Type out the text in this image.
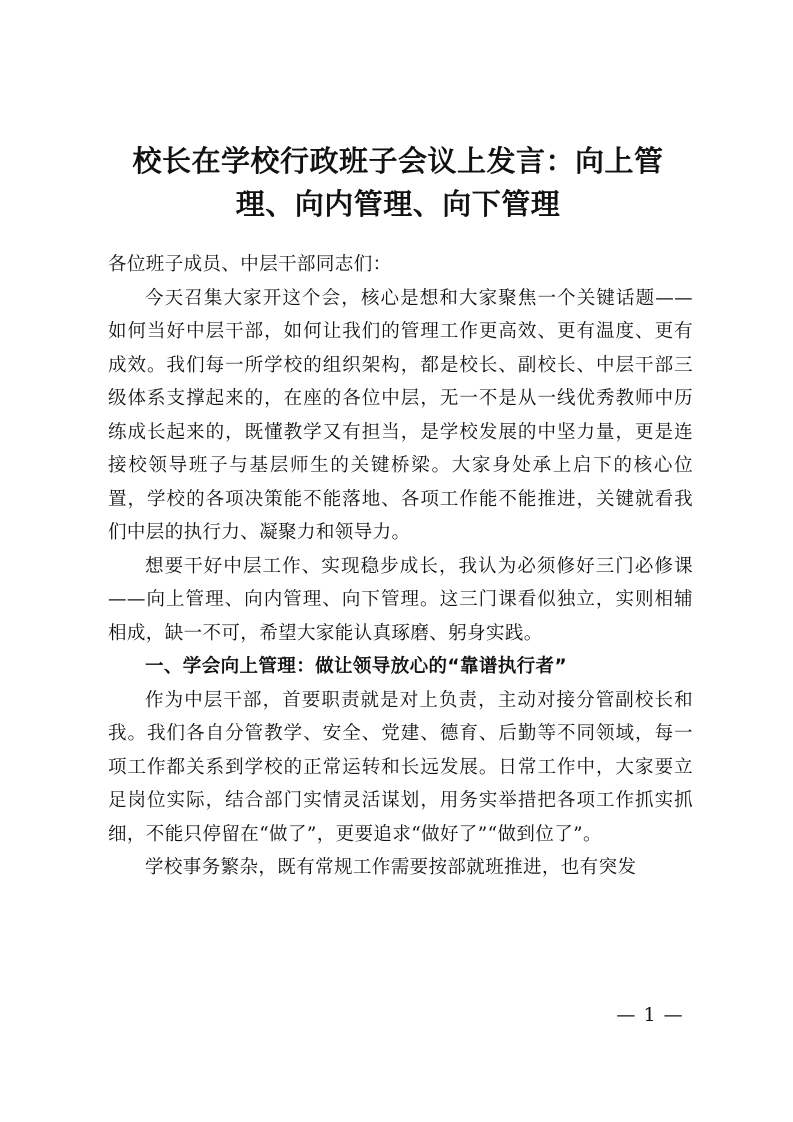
校长在学校行政班子会议上发言：向上管
理、向内管理、向下管理

各位班子成员、中层干部同志们：

今天召集大家开这个会，核心是想和大家聚焦一个关键话题——如何当好中层干部，如何让我们的管理工作更高效、更有温度、更有成效。我们每一所学校的组织架构，都是校长、副校长、中层干部三级体系支撑起来的，在座的各位中层，无一不是从一线优秀教师中历练成长起来的，既懂教学又有担当，是学校发展的中坚力量，更是连接校领导班子与基层师生的关键桥梁。大家身处承上启下的核心位置，学校的各项决策能不能落地、各项工作能不能推进，关键就看我们中层的执行力、凝聚力和领导力。

想要干好中层工作、实现稳步成长，我认为必须修好三门必修课——向上管理、向内管理、向下管理。这三门课看似独立，实则相辅相成，缺一不可，希望大家能认真琢磨、躬身实践。

一、学会向上管理：做让领导放心的“靠谱执行者”

作为中层干部，首要职责就是对上负责，主动对接分管副校长和我。我们各自分管教学、安全、党建、德育、后勤等不同领域，每一项工作都关系到学校的正常运转和长远发展。日常工作中，大家要立足岗位实际，结合部门实情灵活谋划，用务实举措把各项工作抓实抓细，不能只停留在“做了”，更要追求“做好了”“做到位了”。

学校事务繁杂，既有常规工作需要按部就班推进，也有突发

— 1 —
